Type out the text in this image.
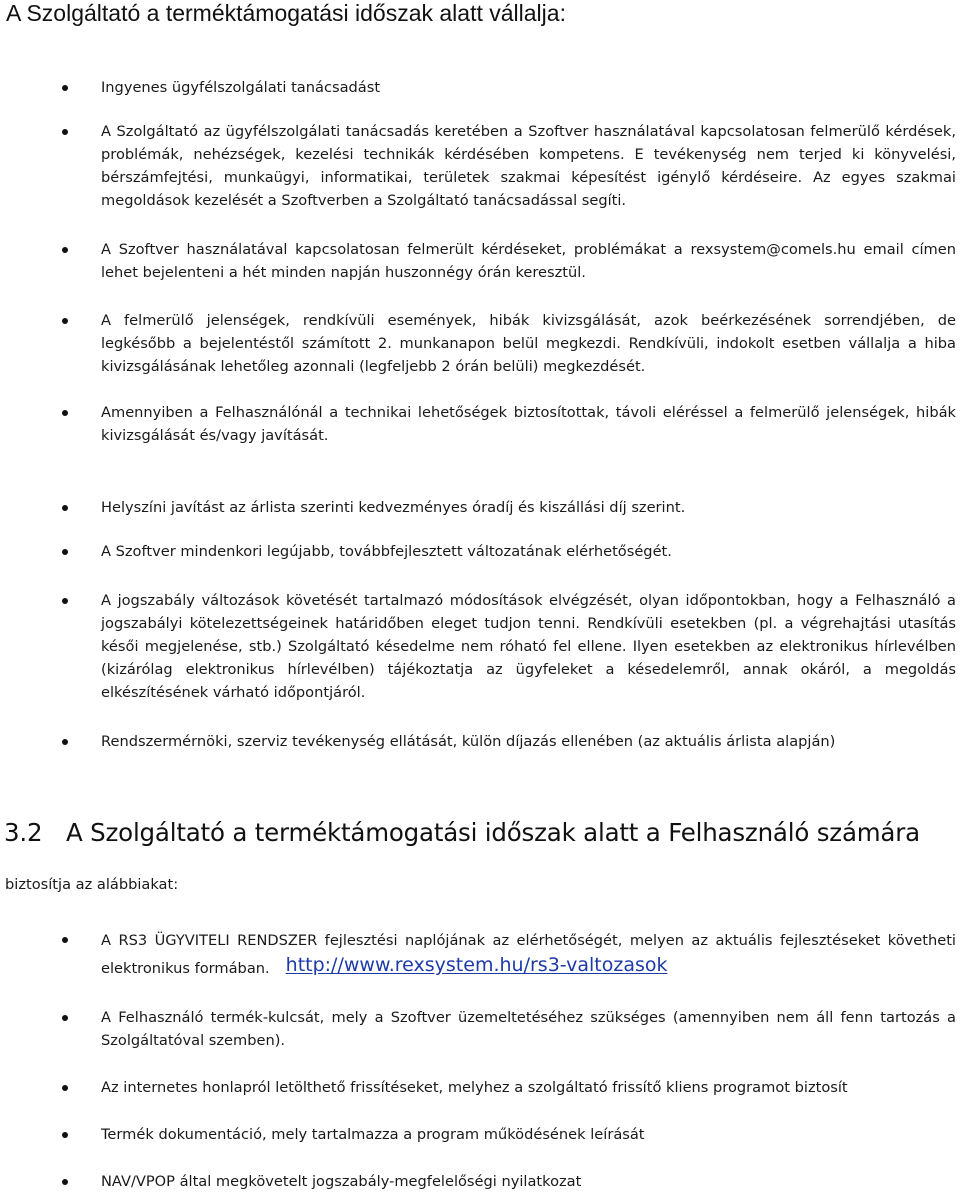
A Szolgáltató a terméktámogatási időszak alatt vállalja:

Ingyenes ügyfélszolgálati tanácsadást

A Szolgáltató az ügyfélszolgálati tanácsadás keretében a Szoftver használatával kapcsolatosan felmerülő kérdések,
problémák, nehézségek, kezelési technikák kérdésében kompetens. E tevékenység nem terjed ki könyvelési,
bérszámfejtési, munkaügyi, informatikai, területek szakmai képesítést igénylő kérdéseire. Az egyes szakmai
megoldások kezelését a Szoftverben a Szolgáltató tanácsadással segíti.

A Szoftver használatával kapcsolatosan felmerült kérdéseket, problémákat a rexsystem@comels.hu email címen
lehet bejelenteni a hét minden napján huszonnégy órán keresztül.

A felmerülő jelenségek, rendkívüli események, hibák kivizsgálását, azok beérkezésének sorrendjében, de
legkésőbb a bejelentéstől számított 2. munkanapon belül megkezdi. Rendkívüli, indokolt esetben vállalja a hiba
kivizsgálásának lehetőleg azonnali (legfeljebb 2 órán belüli) megkezdését.

Amennyiben a Felhasználónál a technikai lehetőségek biztosítottak, távoli eléréssel a felmerülő jelenségek, hibák
kivizsgálását és/vagy javítását.

Helyszíni javítást az árlista szerinti kedvezményes óradíj és kiszállási díj szerint.

A Szoftver mindenkori legújabb, továbbfejlesztett változatának elérhetőségét.

A jogszabály változások követését tartalmazó módosítások elvégzését, olyan időpontokban, hogy a Felhasználó a
jogszabályi kötelezettségeinek határidőben eleget tudjon tenni. Rendkívüli esetekben (pl. a végrehajtási utasítás
késői megjelenése, stb.) Szolgáltató késedelme nem róható fel ellene. Ilyen esetekben az elektronikus hírlevélben
(kizárólag elektronikus hírlevélben) tájékoztatja az ügyfeleket a késedelemről, annak okáról, a megoldás
elkészítésének várható időpontjáról.

Rendszermérnöki, szerviz tevékenység ellátását, külön díjazás ellenében (az aktuális árlista alapján)

3.2 A Szolgáltató a terméktámogatási időszak alatt a Felhasználó számára

biztosítja az alábbiakat:

A RS3 ÜGYVITELI RENDSZER fejlesztési naplójának az elérhetőségét, melyen az aktuális fejlesztéseket követheti
elektronikus formában. http://www.rexsystem.hu/rs3-valtozasok

A Felhasználó termék-kulcsát, mely a Szoftver üzemeltetéséhez szükséges (amennyiben nem áll fenn tartozás a
Szolgáltatóval szemben).

Az internetes honlapról letölthető frissítéseket, melyhez a szolgáltató frissítő kliens programot biztosít

Termék dokumentáció, mely tartalmazza a program működésének leírását

NAV/VPOP által megkövetelt jogszabály-megfelelőségi nyilatkozat
